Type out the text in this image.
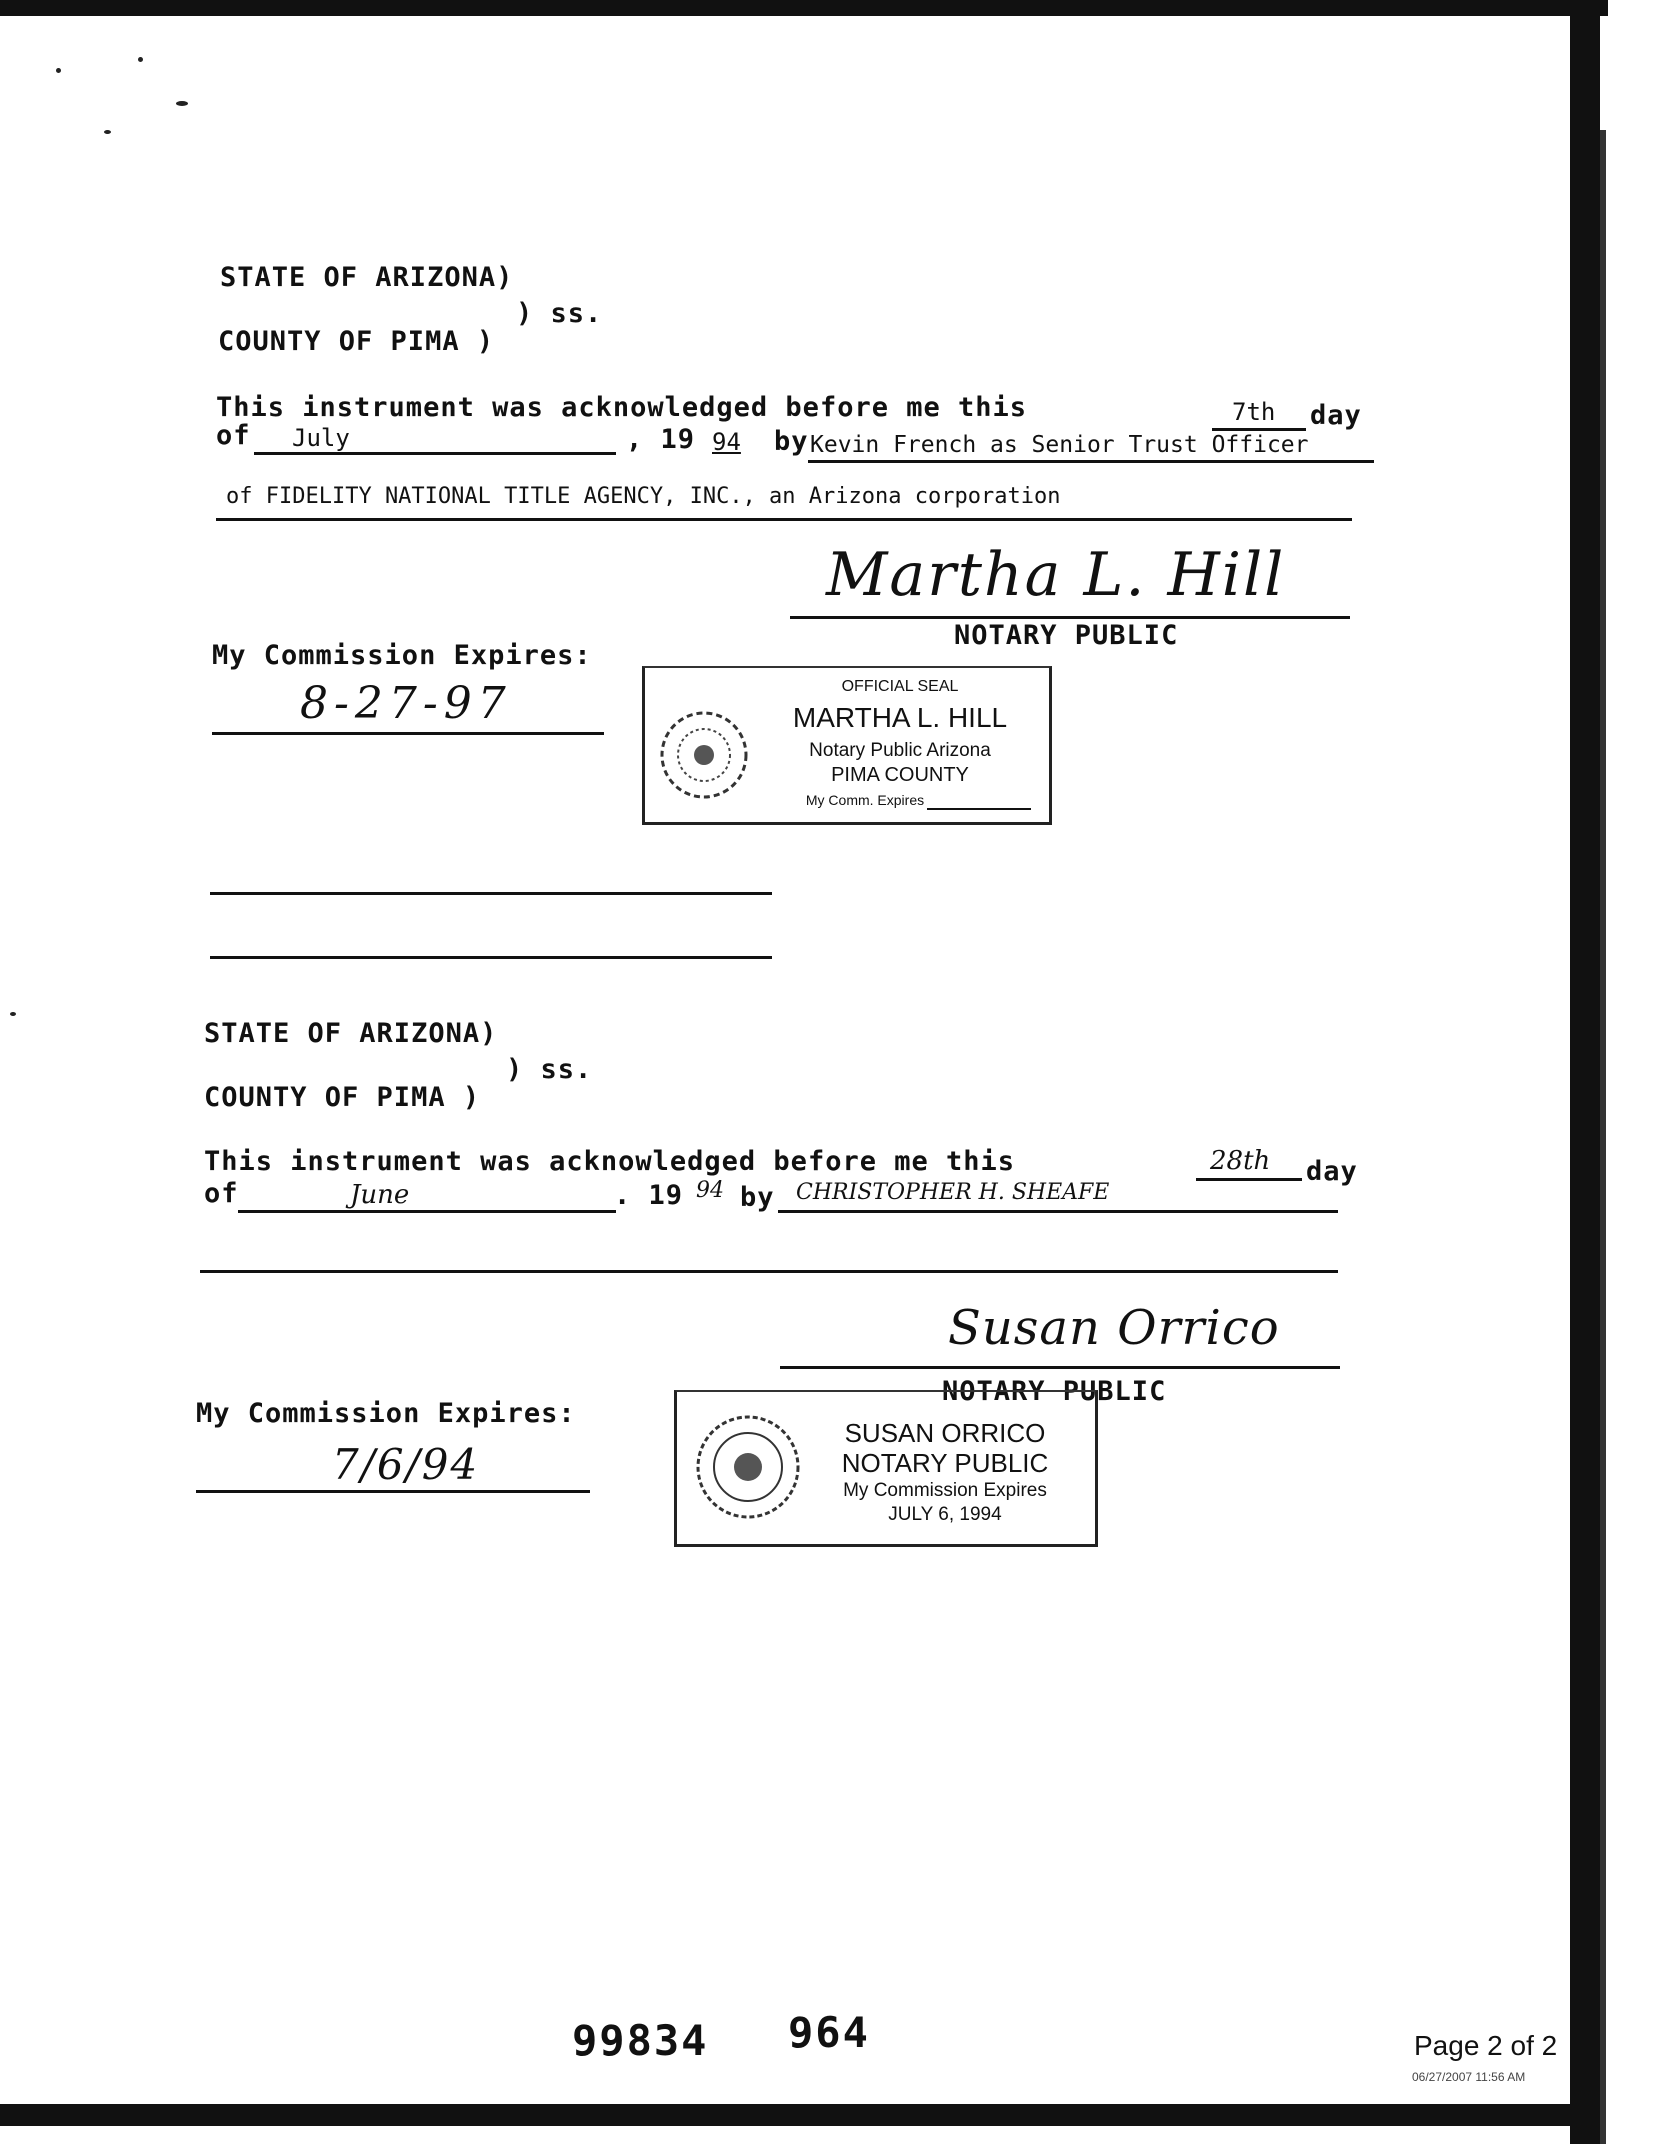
STATE OF ARIZONA)
) ss.
COUNTY OF PIMA )
This instrument was acknowledged before me this	7th day
of July	, 19 94 by Kevin French as Senior Trust Officer
of FIDELITY NATIONAL TITLE AGENCY, INC., an Arizona corporation
Martha L. Hill
NOTARY PUBLIC
My Commission Expires:
8-27-97	OFFICIAL SEAL
MARTHA L. HILL
Notary Public Arizona
PIMA COUNTY
My Comm. Expires
STATE OF ARIZONA)
) ss.
COUNTY OF PIMA )
This instrument was acknowledged before me this	28th day
of	June	. 19 94 by CHRISTOPHER H. SHEAFE
Susan Orrico
NOTARY PUBLIC
My Commission Expires:
7/6/94
SUSAN ORRICO
NOTARY PUBLIC
My Commission Expires
JULY 6, 1994
99834 964	Page 2 of 2
06/27/2007 11:56 AM
